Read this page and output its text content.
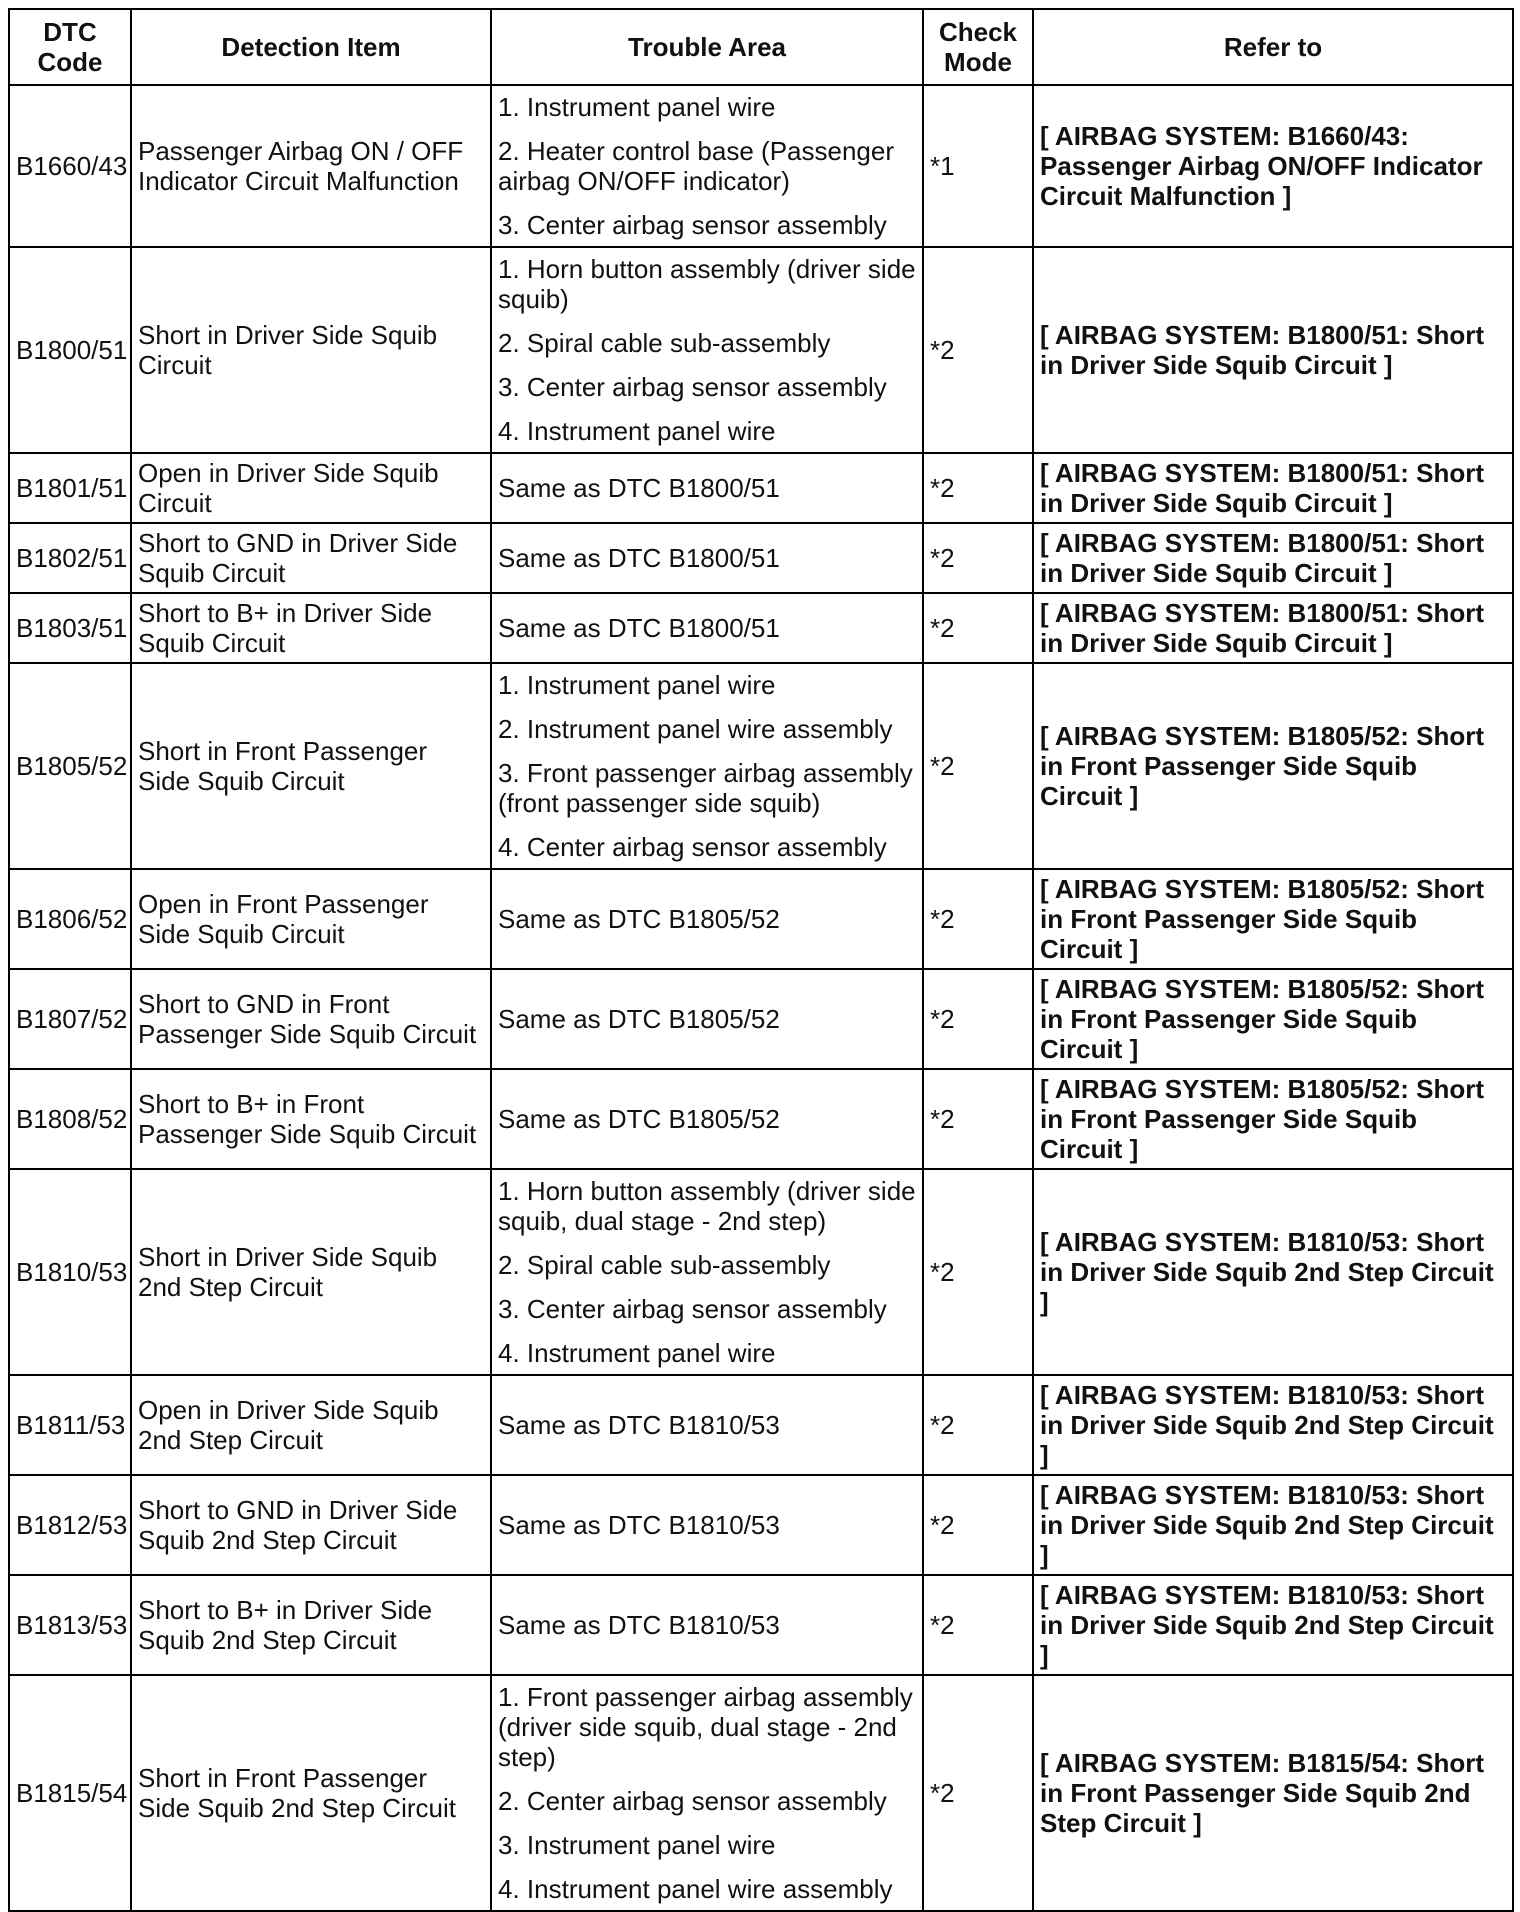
DTC
Code	Detection Item	Trouble Area	Check
Mode	Refer to
B1660/43	Passenger Airbag ON / OFF Indicator Circuit Malfunction	1. Instrument panel wire
2. Heater control base (Passenger airbag ON/OFF indicator)
3. Center airbag sensor assembly	*1	[ AIRBAG SYSTEM: B1660/43: Passenger Airbag ON/OFF Indicator Circuit Malfunction ]
B1800/51	Short in Driver Side Squib Circuit	1. Horn button assembly (driver side squib)
2. Spiral cable sub-assembly
3. Center airbag sensor assembly
4. Instrument panel wire	*2	[ AIRBAG SYSTEM: B1800/51: Short in Driver Side Squib Circuit ]
B1801/51	Open in Driver Side Squib Circuit	Same as DTC B1800/51	*2	[ AIRBAG SYSTEM: B1800/51: Short in Driver Side Squib Circuit ]
B1802/51	Short to GND in Driver Side Squib Circuit	Same as DTC B1800/51	*2	[ AIRBAG SYSTEM: B1800/51: Short in Driver Side Squib Circuit ]
B1803/51	Short to B+ in Driver Side Squib Circuit	Same as DTC B1800/51	*2	[ AIRBAG SYSTEM: B1800/51: Short in Driver Side Squib Circuit ]
B1805/52	Short in Front Passenger Side Squib Circuit	1. Instrument panel wire
2. Instrument panel wire assembly
3. Front passenger airbag assembly (front passenger side squib)
4. Center airbag sensor assembly	*2	[ AIRBAG SYSTEM: B1805/52: Short in Front Passenger Side Squib Circuit ]
B1806/52	Open in Front Passenger Side Squib Circuit	Same as DTC B1805/52	*2	[ AIRBAG SYSTEM: B1805/52: Short in Front Passenger Side Squib Circuit ]
B1807/52	Short to GND in Front Passenger Side Squib Circuit	Same as DTC B1805/52	*2	[ AIRBAG SYSTEM: B1805/52: Short in Front Passenger Side Squib Circuit ]
B1808/52	Short to B+ in Front Passenger Side Squib Circuit	Same as DTC B1805/52	*2	[ AIRBAG SYSTEM: B1805/52: Short in Front Passenger Side Squib Circuit ]
B1810/53	Short in Driver Side Squib 2nd Step Circuit	1. Horn button assembly (driver side squib, dual stage - 2nd step)
2. Spiral cable sub-assembly
3. Center airbag sensor assembly
4. Instrument panel wire	*2	[ AIRBAG SYSTEM: B1810/53: Short in Driver Side Squib 2nd Step Circuit ]
B1811/53	Open in Driver Side Squib 2nd Step Circuit	Same as DTC B1810/53	*2	[ AIRBAG SYSTEM: B1810/53: Short in Driver Side Squib 2nd Step Circuit ]
B1812/53	Short to GND in Driver Side Squib 2nd Step Circuit	Same as DTC B1810/53	*2	[ AIRBAG SYSTEM: B1810/53: Short in Driver Side Squib 2nd Step Circuit ]
B1813/53	Short to B+ in Driver Side Squib 2nd Step Circuit	Same as DTC B1810/53	*2	[ AIRBAG SYSTEM: B1810/53: Short in Driver Side Squib 2nd Step Circuit ]
B1815/54	Short in Front Passenger Side Squib 2nd Step Circuit	1. Front passenger airbag assembly (driver side squib, dual stage - 2nd step)
2. Center airbag sensor assembly
3. Instrument panel wire
4. Instrument panel wire assembly	*2	[ AIRBAG SYSTEM: B1815/54: Short in Front Passenger Side Squib 2nd Step Circuit ]
